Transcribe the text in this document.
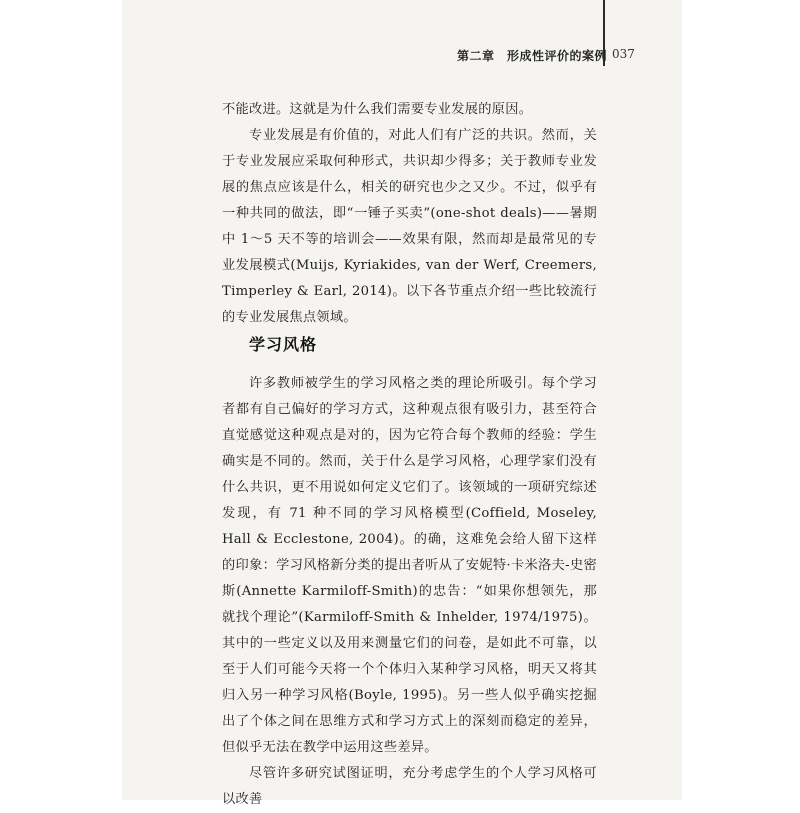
第二章　形成性评价的案例 037

不能改进。这就是为什么我们需要专业发展的原因。

专业发展是有价值的，对此人们有广泛的共识。然而，关于专业发展应采取何种形式，共识却少得多；关于教师专业发展的焦点应该是什么，相关的研究也少之又少。不过，似乎有一种共同的做法，即“一锤子买卖”(one-shot deals)——暑期中 1～5 天不等的培训会——效果有限，然而却是最常见的专业发展模式(Muijs, Kyriakides, van der Werf, Creemers, Timperley & Earl, 2014)。以下各节重点介绍一些比较流行的专业发展焦点领域。

学习风格

许多教师被学生的学习风格之类的理论所吸引。每个学习者都有自己偏好的学习方式，这种观点很有吸引力，甚至符合直觉感觉这种观点是对的，因为它符合每个教师的经验：学生确实是不同的。然而，关于什么是学习风格，心理学家们没有什么共识，更不用说如何定义它们了。该领域的一项研究综述发现，有 71 种不同的学习风格模型(Coffield, Moseley, Hall & Ecclestone, 2004)。的确，这难免会给人留下这样的印象：学习风格新分类的提出者听从了安妮特·卡米洛夫-史密斯(Annette Karmiloff-Smith)的忠告：“如果你想领先，那就找个理论”(Karmiloff-Smith & Inhelder, 1974/1975)。其中的一些定义以及用来测量它们的问卷，是如此不可靠，以至于人们可能今天将一个个体归入某种学习风格，明天又将其归入另一种学习风格(Boyle, 1995)。另一些人似乎确实挖掘出了个体之间在思维方式和学习方式上的深刻而稳定的差异，但似乎无法在教学中运用这些差异。

尽管许多研究试图证明，充分考虑学生的个人学习风格可以改善
